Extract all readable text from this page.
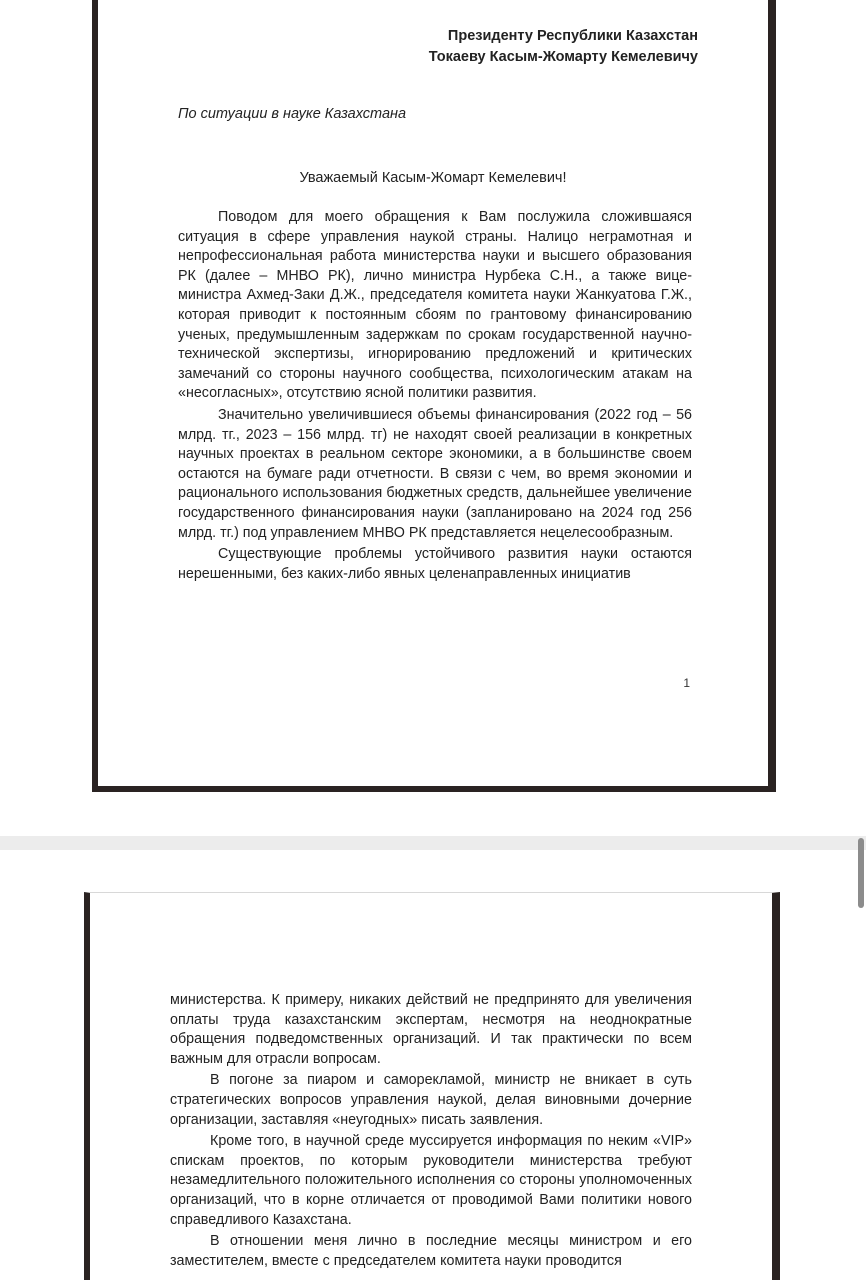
Президенту Республики Казахстан
Токаеву Касым-Жомарту Кемелевичу
По ситуации в науке Казахстана
Уважаемый Касым-Жомарт Кемелевич!

Поводом для моего обращения к Вам послужила сложившаяся ситуация в сфере управления наукой страны. Налицо неграмотная и непрофессиональная работа министерства науки и высшего образования РК (далее – МНВО РК), лично министра Нурбека С.Н., а также вице-министра Ахмед-Заки Д.Ж., председателя комитета науки Жанкуатова Г.Ж., которая приводит к постоянным сбоям по грантовому финансированию ученых, предумышленным задержкам по срокам государственной научно-технической экспертизы, игнорированию предложений и критических замечаний со стороны научного сообщества, психологическим атакам на «несогласных», отсутствию ясной политики развития.

Значительно увеличившиеся объемы финансирования (2022 год – 56 млрд. тг., 2023 – 156 млрд. тг) не находят своей реализации в конкретных научных проектах в реальном секторе экономики, а в большинстве своем остаются на бумаге ради отчетности. В связи с чем, во время экономии и рационального использования бюджетных средств, дальнейшее увеличение государственного финансирования науки (запланировано на 2024 год 256 млрд. тг.) под управлением МНВО РК представляется нецелесообразным.

Существующие проблемы устойчивого развития науки остаются нерешенными, без каких-либо явных целенаправленных инициатив

1

министерства. К примеру, никаких действий не предпринято для увеличения оплаты труда казахстанским экспертам, несмотря на неоднократные обращения подведомственных организаций. И так практически по всем важным для отрасли вопросам.

В погоне за пиаром и саморекламой, министр не вникает в суть стратегических вопросов управления наукой, делая виновными дочерние организации, заставляя «неугодных» писать заявления.

Кроме того, в научной среде муссируется информация по неким «VIP» спискам проектов, по которым руководители министерства требуют незамедлительного положительного исполнения со стороны уполномоченных организаций, что в корне отличается от проводимой Вами политики нового справедливого Казахстана.

В отношении меня лично в последние месяцы министром и его заместителем, вместе с председателем комитета науки проводится
